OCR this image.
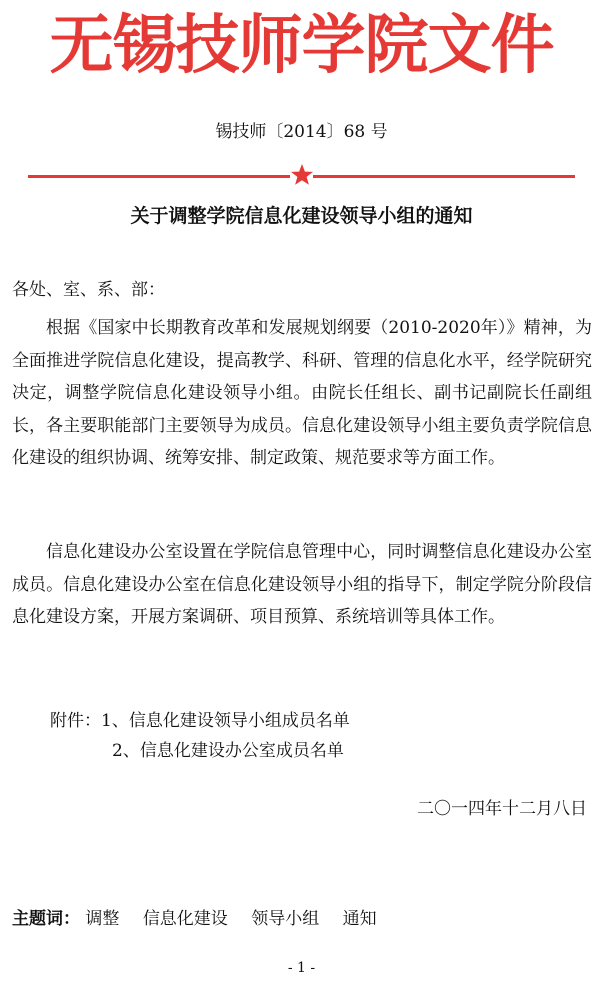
无锡技师学院文件
锡技师〔2014〕68 号
关于调整学院信息化建设领导小组的通知
各处、室、系、部：

根据《国家中长期教育改革和发展规划纲要（2010-2020年）》精神，为全面推进学院信息化建设，提高教学、科研、管理的信息化水平，经学院研究决定，调整学院信息化建设领导小组。由院长任组长、副书记副院长任副组长，各主要职能部门主要领导为成员。信息化建设领导小组主要负责学院信息化建设的组织协调、统筹安排、制定政策、规范要求等方面工作。

信息化建设办公室设置在学院信息管理中心，同时调整信息化建设办公室成员。信息化建设办公室在信息化建设领导小组的指导下，制定学院分阶段信息化建设方案，开展方案调研、项目预算、系统培训等具体工作。

附件：1、信息化建设领导小组成员名单
2、信息化建设办公室成员名单
二〇一四年十二月八日
主题词： 调整 信息化建设 领导小组 通知
- 1 -
